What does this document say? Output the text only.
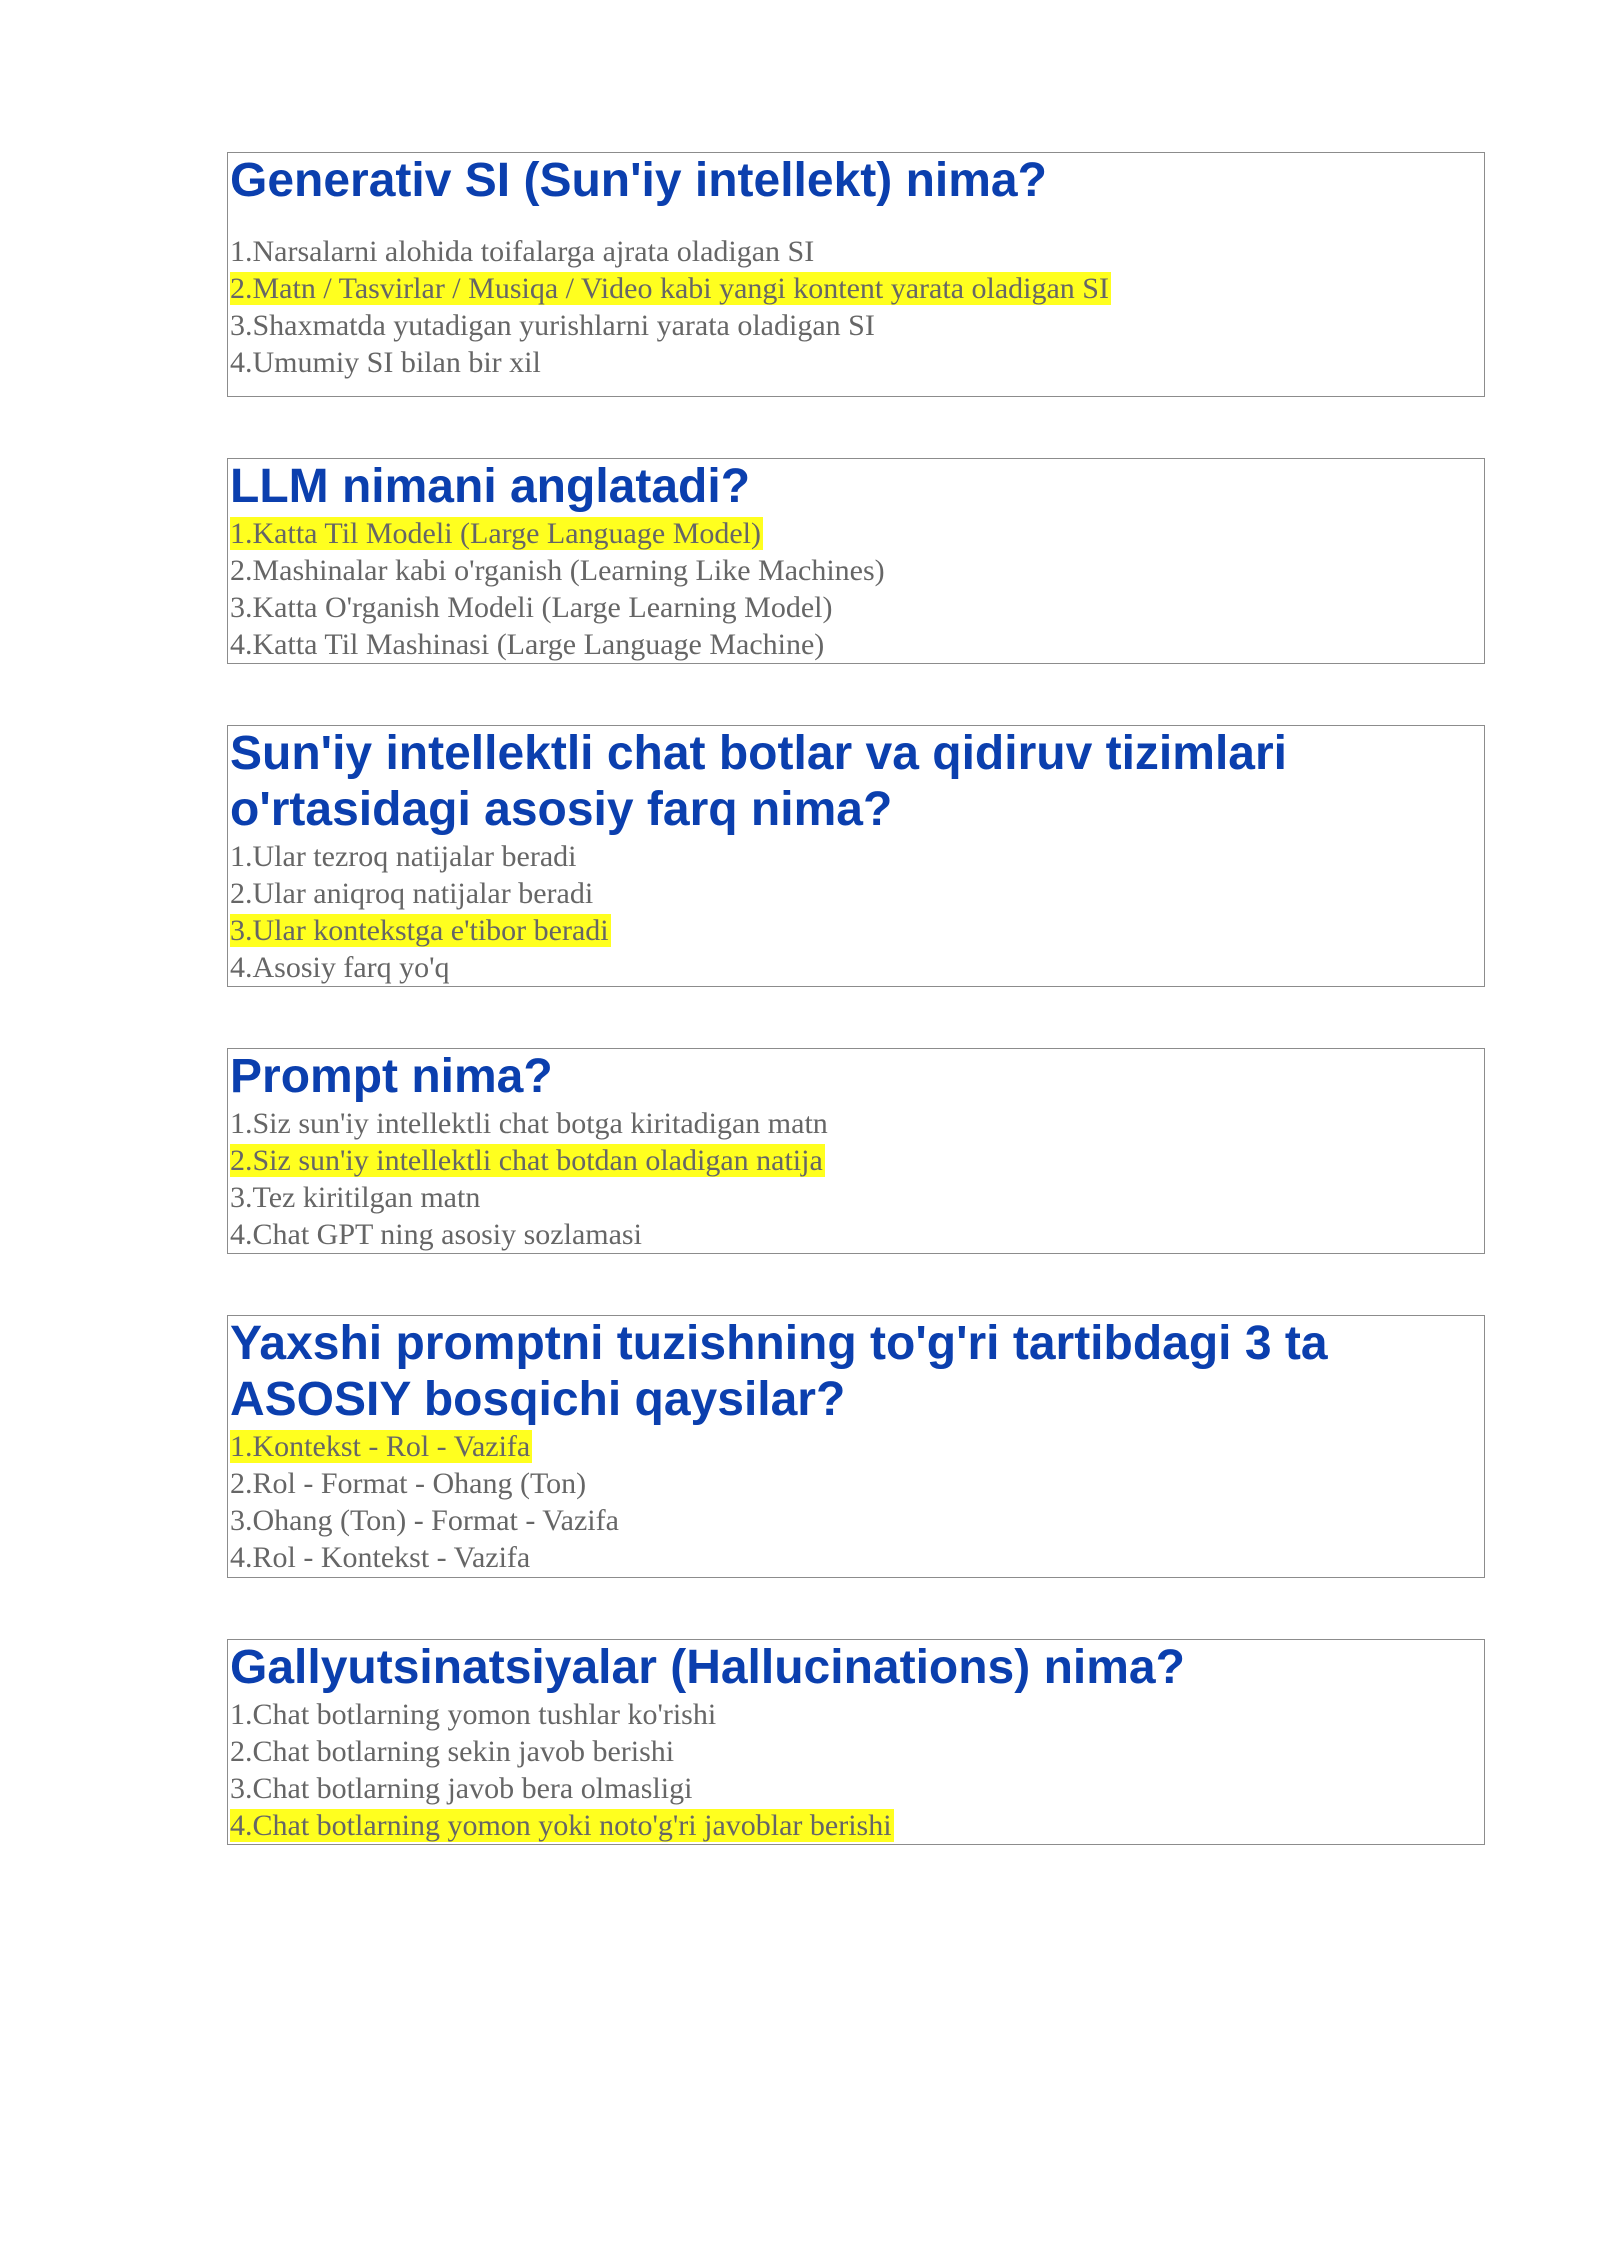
Generativ SI (Sun'iy intellekt) nima?
1.Narsalarni alohida toifalarga ajrata oladigan SI
2.Matn / Tasvirlar / Musiqa / Video kabi yangi kontent yarata oladigan SI
3.Shaxmatda yutadigan yurishlarni yarata oladigan SI
4.Umumiy SI bilan bir xil
LLM nimani anglatadi?
1.Katta Til Modeli (Large Language Model)
2.Mashinalar kabi o'rganish (Learning Like Machines)
3.Katta O'rganish Modeli (Large Learning Model)
4.Katta Til Mashinasi (Large Language Machine)
Sun'iy intellektli chat botlar va qidiruv tizimlari
o'rtasidagi asosiy farq nima?
1.Ular tezroq natijalar beradi
2.Ular aniqroq natijalar beradi
3.Ular kontekstga e'tibor beradi
4.Asosiy farq yo'q
Prompt nima?
1.Siz sun'iy intellektli chat botga kiritadigan matn
2.Siz sun'iy intellektli chat botdan oladigan natija
3.Tez kiritilgan matn
4.Chat GPT ning asosiy sozlamasi
Yaxshi promptni tuzishning to'g'ri tartibdagi 3 ta
ASOSIY bosqichi qaysilar?
1.Kontekst - Rol - Vazifa
2.Rol - Format - Ohang (Ton)
3.Ohang (Ton) - Format - Vazifa
4.Rol - Kontekst - Vazifa
Gallyutsinatsiyalar (Hallucinations) nima?
1.Chat botlarning yomon tushlar ko'rishi
2.Chat botlarning sekin javob berishi
3.Chat botlarning javob bera olmasligi
4.Chat botlarning yomon yoki noto'g'ri javoblar berishi
